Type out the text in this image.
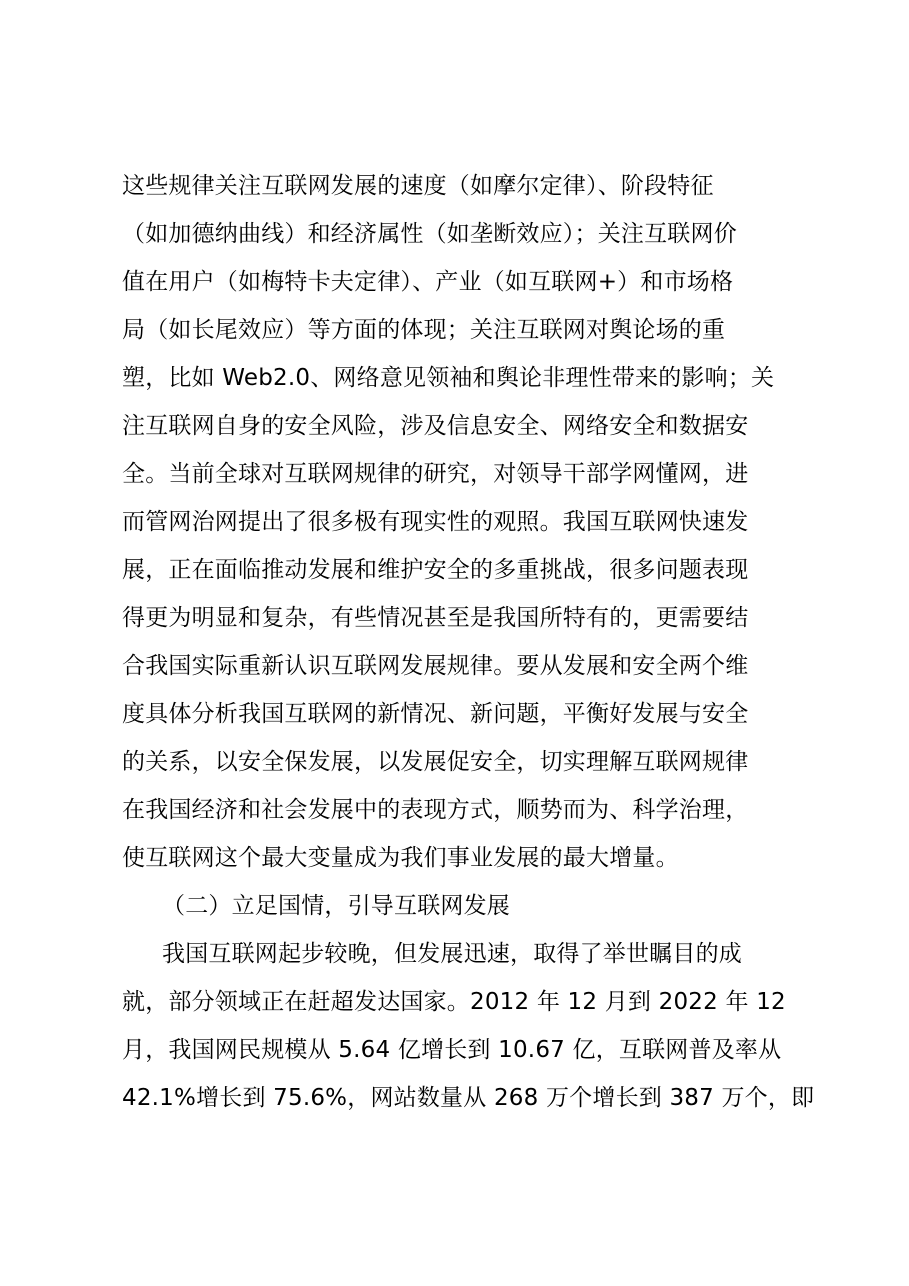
这些规律关注互联网发展的速度（如摩尔定律）、阶段特征
（如加德纳曲线）和经济属性（如垄断效应）；关注互联网价
值在用户（如梅特卡夫定律）、产业（如互联网+）和市场格
局（如长尾效应）等方面的体现；关注互联网对舆论场的重
塑，比如 Web2.0、网络意见领袖和舆论非理性带来的影响；关
注互联网自身的安全风险，涉及信息安全、网络安全和数据安
全。当前全球对互联网规律的研究，对领导干部学网懂网，进
而管网治网提出了很多极有现实性的观照。我国互联网快速发
展，正在面临推动发展和维护安全的多重挑战，很多问题表现
得更为明显和复杂，有些情况甚至是我国所特有的，更需要结
合我国实际重新认识互联网发展规律。要从发展和安全两个维
度具体分析我国互联网的新情况、新问题，平衡好发展与安全
的关系，以安全保发展，以发展促安全，切实理解互联网规律
在我国经济和社会发展中的表现方式，顺势而为、科学治理，
使互联网这个最大变量成为我们事业发展的最大增量。
（二）立足国情，引导互联网发展
我国互联网起步较晚，但发展迅速，取得了举世瞩目的成
就，部分领域正在赶超发达国家。2012 年 12 月到 2022 年 12
月，我国网民规模从 5.64 亿增长到 10.67 亿，互联网普及率从
42.1%增长到 75.6%，网站数量从 268 万个增长到 387 万个，即
